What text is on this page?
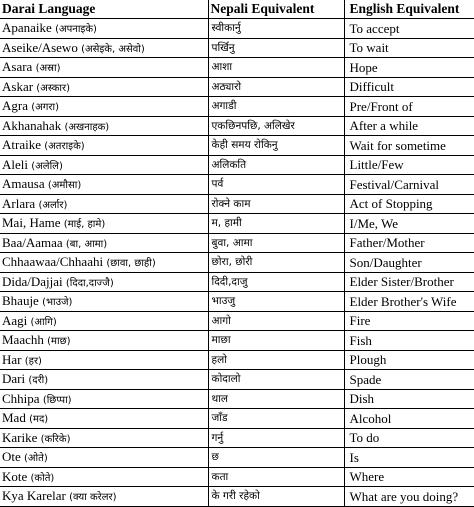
Darai Language	Nepali Equivalent	English Equivalent
Apanaike (अपनाइके)	स्वीकार्नु	To accept
Aseike/Asewo (असेइके, असेवो)	पर्खिनु	To wait
Asara (अस्रा)	आशा	Hope
Askar (अस्कार)	अठ्यारो	Difficult
Agra (अगरा)	अगाडी	Pre/Front of
Akhanahak (अखनाहक)	एकछिनपछि, अलिखेर	After a while
Atraike (अतराइके)	केही समय रोकिनु	Wait for sometime
Aleli (अलेलि)	अलिकति	Little/Few
Amausa (अमौसा)	पर्व	Festival/Carnival
Arlara (अर्लार)	रोक्ने काम	Act of Stopping
Mai, Hame (माई, हामे)	म, हामी	I/Me, We
Baa/Aamaa (बा, आमा)	बुवा, आमा	Father/Mother
Chhaawaa/Chhaahi (छावा, छाही)	छोरा, छोरी	Son/Daughter
Dida/Dajjai (दिदा,दाज्जै)	दिदी,दाजु	Elder Sister/Brother
Bhauje (भाउजे)	भाउजु	Elder Brother's Wife
Aagi (आगि)	आगो	Fire
Maachh (माछ)	माछा	Fish
Har (हर)	हलो	Plough
Dari (दरी)	कोदालो	Spade
Chhipa (छिप्पा)	थाल	Dish
Mad (मद)	जाँड	Alcohol
Karike (करिके)	गर्नु	To do
Ote (ओते)	छ	Is
Kote (कोते)	कता	Where
Kya Karelar (क्या करेलर)	के गरी रहेको	What are you doing?
